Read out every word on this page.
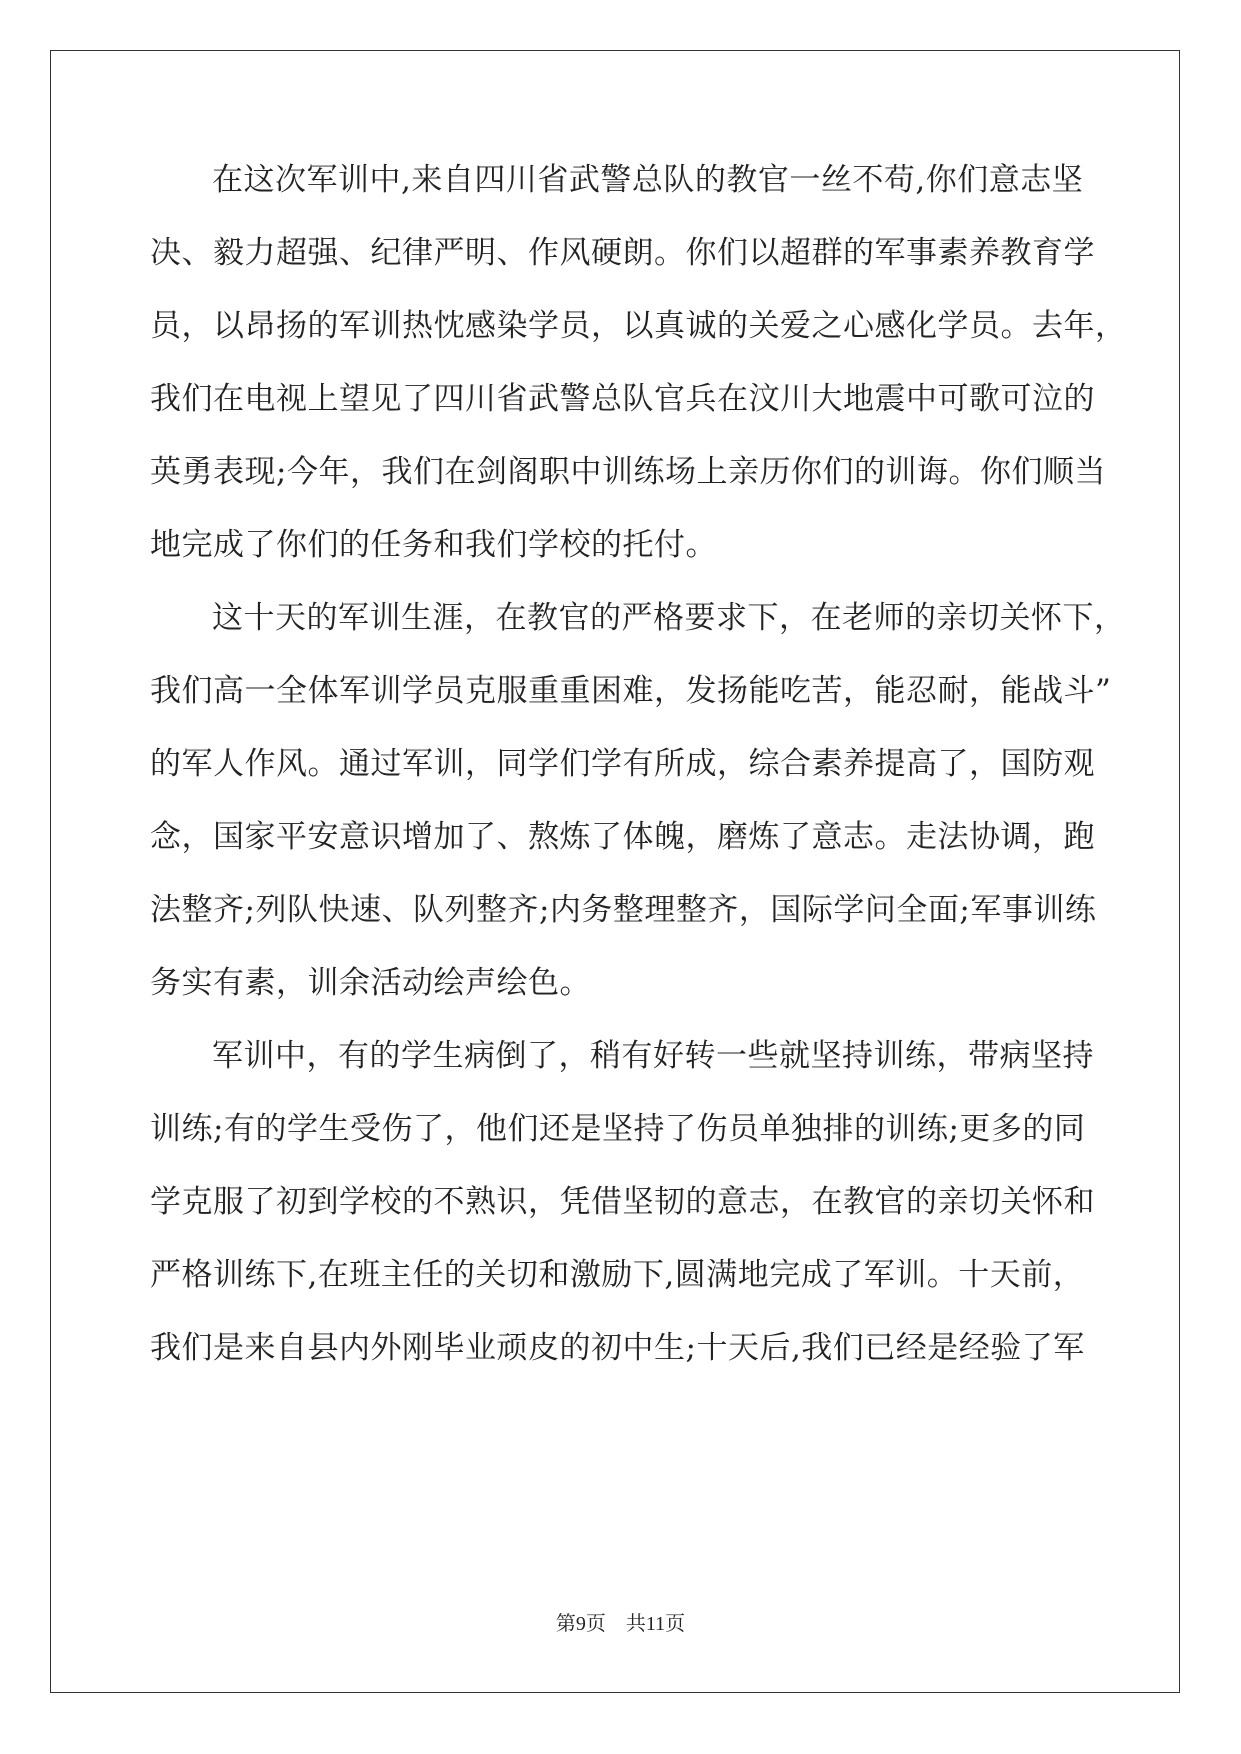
在这次军训中,来自四川省武警总队的教官一丝不苟,你们意志坚
决、毅力超强、纪律严明、作风硬朗。你们以超群的军事素养教育学
员，以昂扬的军训热忱感染学员，以真诚的关爱之心感化学员。去年，
我们在电视上望见了四川省武警总队官兵在汶川大地震中可歌可泣的
英勇表现;今年，我们在剑阁职中训练场上亲历你们的训诲。你们顺当
地完成了你们的任务和我们学校的托付。
这十天的军训生涯，在教官的严格要求下，在老师的亲切关怀下，
我们高一全体军训学员克服重重困难，发扬能吃苦，能忍耐，能战斗”
的军人作风。通过军训，同学们学有所成，综合素养提高了，国防观
念，国家平安意识增加了、熬炼了体魄，磨炼了意志。走法协调，跑
法整齐;列队快速、队列整齐;内务整理整齐，国际学问全面;军事训练
务实有素，训余活动绘声绘色。
军训中，有的学生病倒了，稍有好转一些就坚持训练，带病坚持
训练;有的学生受伤了，他们还是坚持了伤员单独排的训练;更多的同
学克服了初到学校的不熟识，凭借坚韧的意志，在教官的亲切关怀和
严格训练下,在班主任的关切和激励下,圆满地完成了军训。十天前，
我们是来自县内外刚毕业顽皮的初中生;十天后,我们已经是经验了军
第9页　共11页
